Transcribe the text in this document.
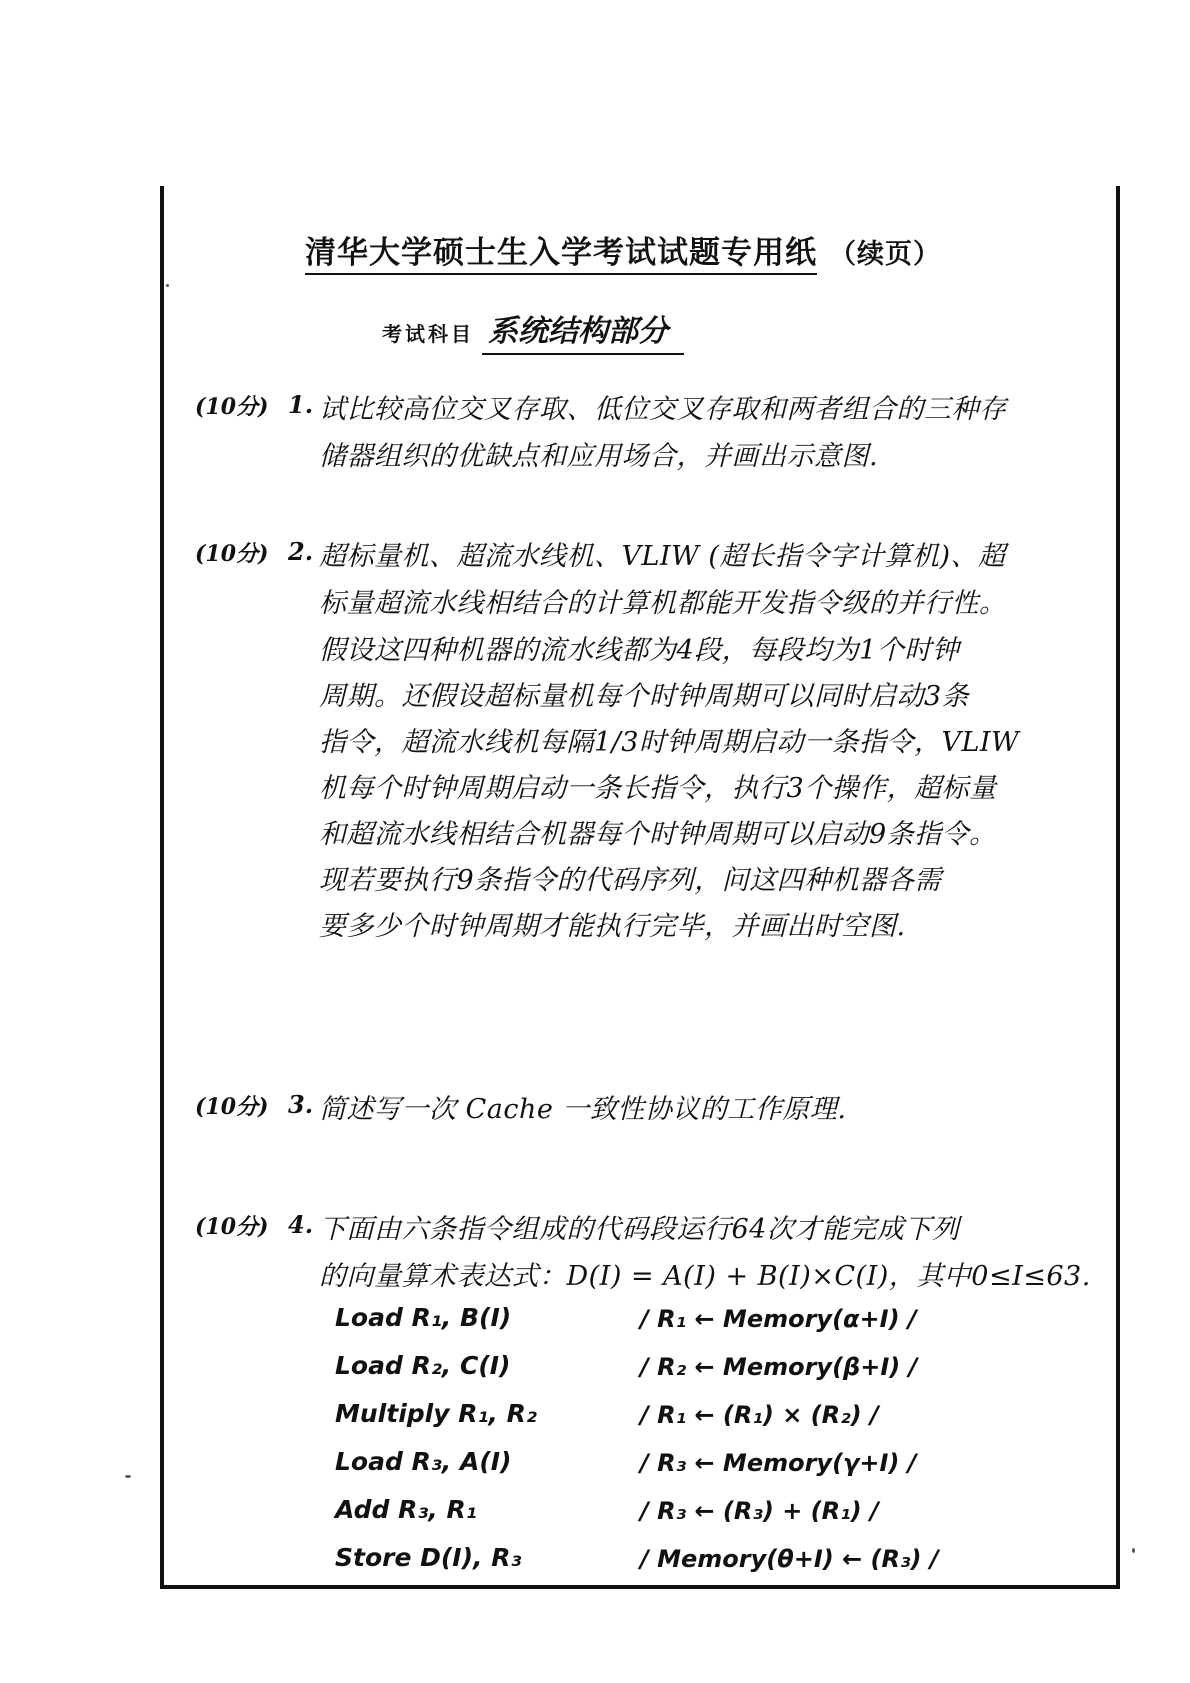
清华大学硕士生入学考试试题专用纸 （续页）
考试科目 系统结构部分
(10分) 1. 试比较高位交叉存取、低位交叉存取和两者组合的三种存
储器组织的优缺点和应用场合，并画出示意图.
(10分) 2. 超标量机、超流水线机、VLIW (超长指令字计算机)、超
标量超流水线相结合的计算机都能开发指令级的并行性。
假设这四种机器的流水线都为4段，每段均为1个时钟
周期。还假设超标量机每个时钟周期可以同时启动3条
指令，超流水线机每隔1/3时钟周期启动一条指令，VLIW
机每个时钟周期启动一条长指令，执行3个操作，超标量
和超流水线相结合机器每个时钟周期可以启动9条指令。
现若要执行9条指令的代码序列，问这四种机器各需
要多少个时钟周期才能执行完毕，并画出时空图.
(10分) 3. 简述写一次 Cache 一致性协议的工作原理.
(10分) 4. 下面由六条指令组成的代码段运行64次才能完成下列
的向量算术表达式：D(I) = A(I) + B(I)×C(I)，其中0≤I≤63.
Load R₁, B(I)	/ R₁ ← Memory(α+I) /
Load R₂, C(I)	/ R₂ ← Memory(β+I) /
Multiply R₁, R₂	/ R₁ ← (R₁) × (R₂) /
Load R₃, A(I)	/ R₃ ← Memory(γ+I) /
Add R₃, R₁	/ R₃ ← (R₃) + (R₁) /
Store D(I), R₃	/ Memory(θ+I) ← (R₃) /
